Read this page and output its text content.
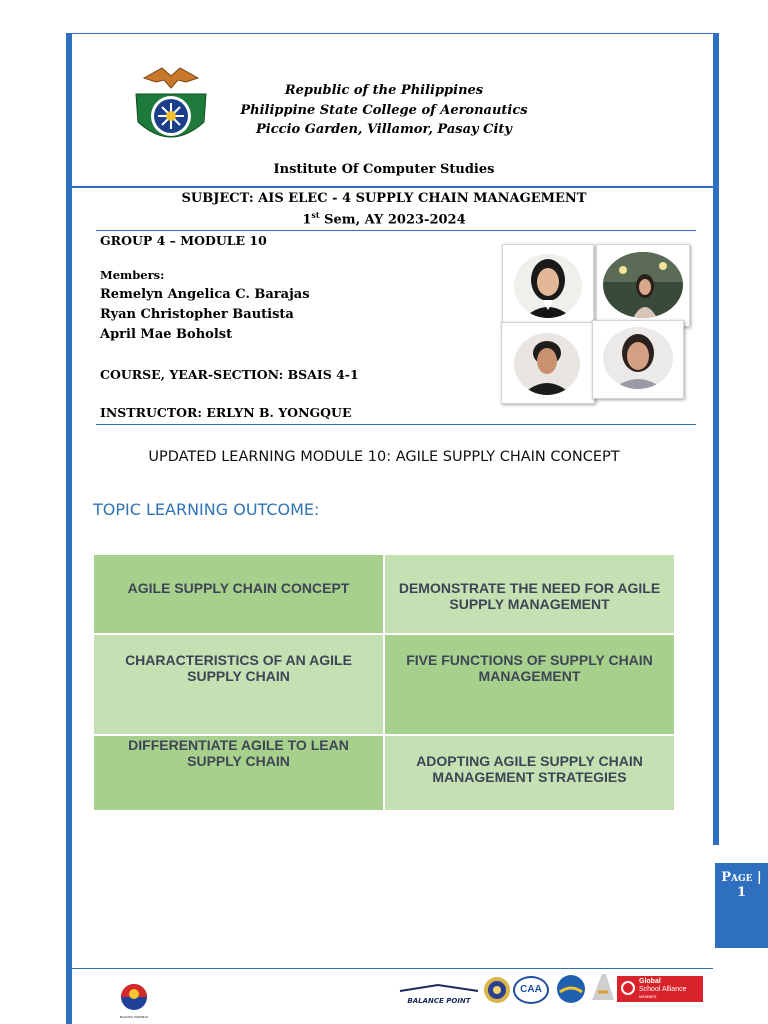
Republic of the Philippines
Philippine State College of Aeronautics
Piccio Garden, Villamor, Pasay City
Institute Of Computer Studies
SUBJECT: AIS ELEC - 4 SUPPLY CHAIN MANAGEMENT
1st Sem, AY 2023-2024
GROUP 4 – MODULE 10
Members:
Remelyn Angelica C. Barajas
Ryan Christopher Bautista
April Mae Boholst
COURSE, YEAR-SECTION: BSAIS 4-1
INSTRUCTOR: ERLYN B. YONGQUE
UPDATED LEARNING MODULE 10: AGILE SUPPLY CHAIN CONCEPT
TOPIC LEARNING OUTCOME:
AGILE SUPPLY CHAIN CONCEPT	DEMONSTRATE THE NEED FOR AGILE SUPPLY MANAGEMENT
CHARACTERISTICS OF AN AGILE SUPPLY CHAIN
FIVE FUNCTIONS OF SUPPLY CHAIN MANAGEMENT
DIFFERENTIATE AGILE TO LEAN SUPPLY CHAIN	ADOPTING AGILE SUPPLY CHAIN MANAGEMENT STRATEGIES
Page |
1
BAGONG PILIPINAS
BALANCE POINT
CAA
Global
School Alliance
MEMBER
